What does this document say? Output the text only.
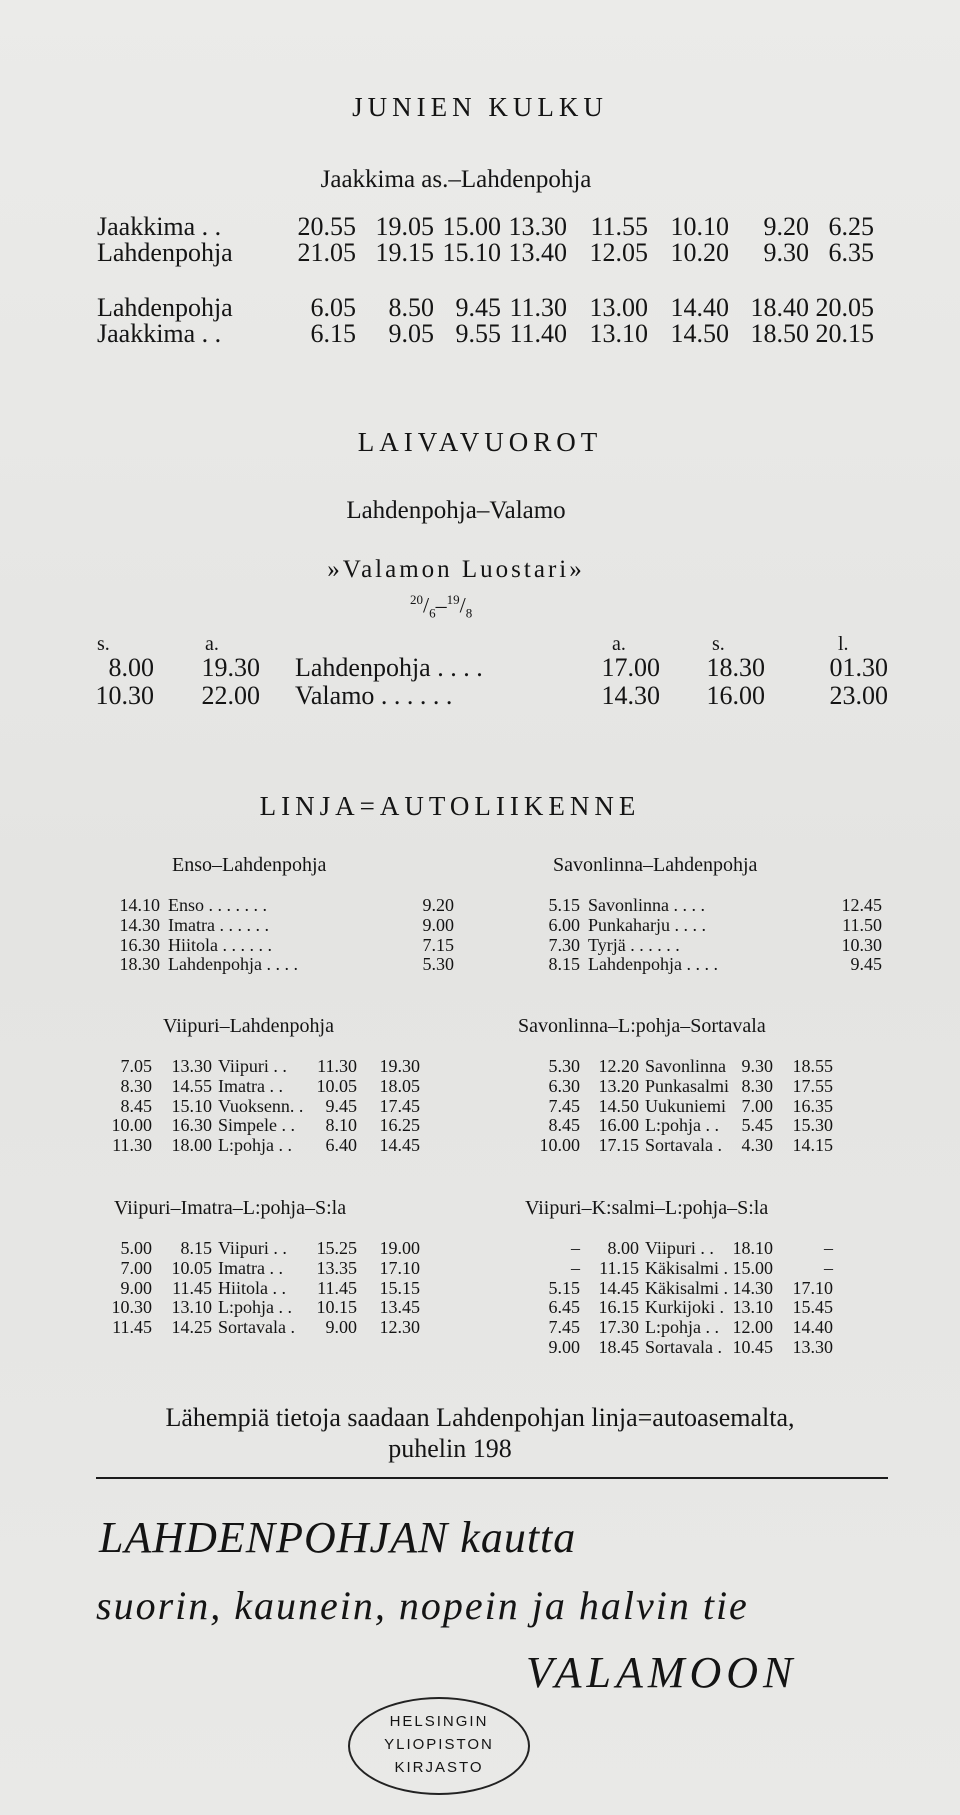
JUNIEN KULKU
Jaakkima as.–Lahdenpohja
Jaakkima . .	20.55 19.05 15.00 13.30 11.55 10.10	9.20 6.25
Lahdenpohja	21.05 19.15 15.10 13.40 12.05 10.20	9.30 6.35
Lahdenpohja	6.05	8.50 9.45 11.30 13.00 14.40 18.40 20.05
Jaakkima . .	6.15	9.05 9.55 11.40 13.10 14.50 18.50 20.15
LAIVAVUOROT
Lahdenpohja–Valamo
»Valamon Luostari»
$^{20}/_6-^{19}/_8$
s.	a.	a.	s.	l.
8.00	19.30 Lahdenpohja . . . .	17.00	18.30	01.30
10.30	22.00 Valamo . . . . . .	14.30	16.00	23.00
LINJA=AUTOLIIKENNE
Enso–Lahdenpohja
14.10 Enso . . . . . . .	9.20
14.30 Imatra . . . . . .	9.00
16.30 Hiitola . . . . . .	7.15
18.30 Lahdenpohja . . . .	5.30
Savonlinna–Lahdenpohja
5.15 Savonlinna . . . .	12.45
6.00 Punkaharju . . . .	11.50
7.30 Tyrjä . . . . . .	10.30
8.15 Lahdenpohja . . . .	9.45
Viipuri–Lahdenpohja
7.05	13.30 Viipuri . .	11.30	19.30
8.30	14.55 Imatra . .	10.05	18.05
8.45	15.10 Vuoksenn. .	9.45	17.45
10.00	16.30 Simpele . .	8.10	16.25
11.30	18.00 L:pohja . .	6.40	14.45
Savonlinna–L:pohja–Sortavala
5.30	12.20 Savonlinna 9.30	18.55
6.30	13.20 Punkasalmi 8.30	17.55
7.45	14.50 Uukuniemi 7.00	16.35
8.45	16.00 L:pohja . .	5.45	15.30
10.00	17.15 Sortavala .	4.30	14.15
Viipuri–Imatra–L:pohja–S:la
5.00	8.15 Viipuri . .	15.25	19.00
7.00	10.05 Imatra . .	13.35	17.10
9.00	11.45 Hiitola . .	11.45	15.15
10.30	13.10 L:pohja . .	10.15	13.45
11.45	14.25 Sortavala .	9.00	12.30
Viipuri–K:salmi–L:pohja–S:la
–	8.00 Viipuri . .	18.10	–
–	11.15 Käkisalmi . 15.00	–
5.15	14.45 Käkisalmi . 14.30	17.10
6.45	16.15 Kurkijoki . 13.10	15.45
7.45	17.30 L:pohja . . 12.00	14.40
9.00	18.45 Sortavala . 10.45	13.30
Lähempiä tietoja saadaan Lahdenpohjan linja=autoasemalta,
puhelin 198
LAHDENPOHJAN kautta
suorin, kaunein, nopein ja halvin tie
VALAMOON
HELSINGIN
YLIOPISTON
KIRJASTO
